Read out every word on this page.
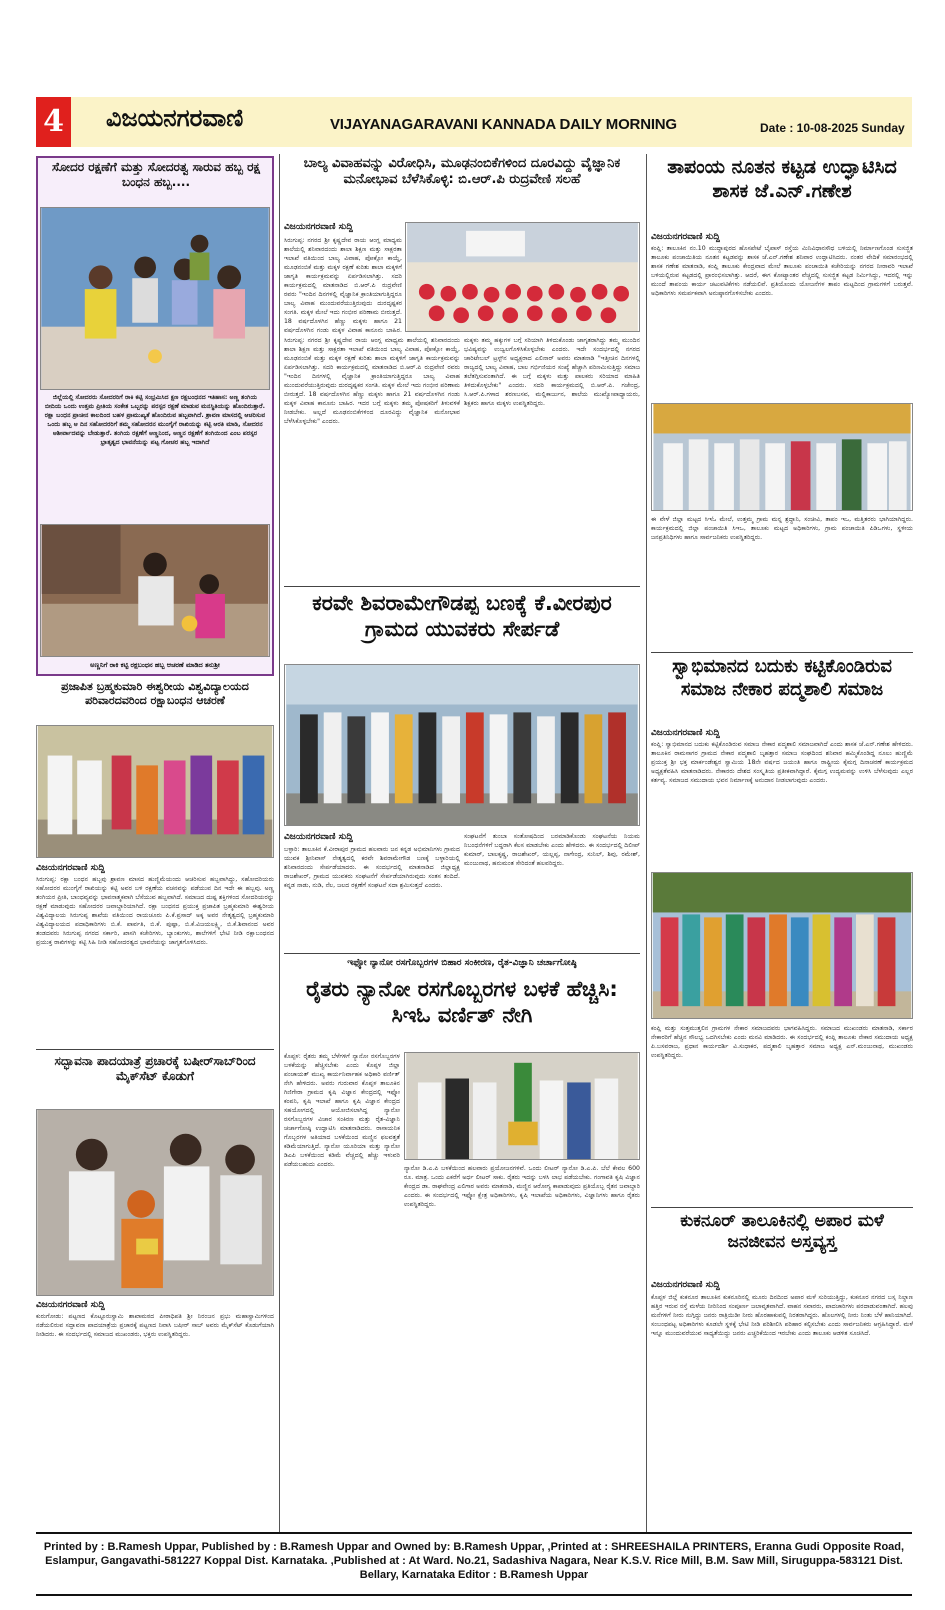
4 ವಿಜಯನಗರವಾಣಿ	VIJAYANAGARAVANI KANNADA DAILY MORNING	Date : 10-08-2025 Sunday
ಸೋದರ ರಕ್ಷಣೆಗೆ ಮತ್ತು ಸೋದರತ್ವ ಸಾರುವ ಹಬ್ಬ ರಕ್ಷ ಬಂಧನ ಹಬ್ಬ....
ಜಿಲ್ಲೆಯಲ್ಲಿ ಸೋದರರು ಸೋದರರಿಗೆ ರಾಕಿ ಕಟ್ಟಿ ಸಂಭ್ರಮಿಸಿದ ಕ್ಷಣ ರಕ್ಷಬಂಧನದ ಇತಿಹಾಸ: ಅಣ್ಣ ತಂಗಿಯ ಬೀದಿಯ ಒಂದು ಉತ್ತಮ ಪ್ರೀತಿಯ ಸಂಕೇತ ಒಬ್ಬರನ್ನು ಪರಸ್ಪರ ರಕ್ಷಣೆ ಮಾಡುವ ಮನಸ್ಥಿತಿಯನ್ನು ಹೊಂದಿರುತ್ತಾರೆ. ರಕ್ಷಾ ಬಂಧನ ಪ್ರಾಚೀನ ಕಾಲದಿಂದ ಬಹಳ ಪ್ರಾಮುಖ್ಯತೆ ಹೊಂದಿರುವ ಹಬ್ಬವಾಗಿದೆ. ಶ್ರಾವಣ ಮಾಸದಲ್ಲಿ ಆಚರಿಸುವ ಒಂದು ಹಬ್ಬ ಆ ದಿನ ಸಹೋದರರಿಗೆ ತಮ್ಮ ಸಹೋದರನ ಮುಂಗೈಗೆ ರಾಖಿಯನ್ನು ಕಟ್ಟಿ ಆರತಿ ಮಾಡಿ, ಸೋದರನ ಆಶೀರ್ವಾದವನ್ನು ಬೇಡುತ್ತಾರೆ. ತಂಗಿಯ ರಕ್ಷಣೆಗೆ ಆಣ್ಣನಿಂದ, ಅಣ್ಣನ ರಕ್ಷಣೆಗೆ ತಂಗಿಯಿಂದ ಎಂಬ ಪರಸ್ಪರ ಭ್ರಾತೃತ್ವದ ಭಾವನೆಯನ್ನು ಪಟ್ಟ ಗೋಚರ ಹಬ್ಬ ಇದಾಗಿದೆ
ಅಣ್ಣನಿಗೆ ರಾಕಿ ಕಟ್ಟಿ ರಕ್ಷಬಂಧನ ಹಬ್ಬ ಆಚರಣೆ ಮಾಡಿದ ತನುಶ್ರೀ
ಪ್ರಜಾಪಿತ ಬ್ರಹ್ಮಕುಮಾರಿ ಈಶ್ವರೀಯ ವಿಶ್ವವಿದ್ಯಾಲಯದ ಪರಿವಾರದವರಿಂದ ರಕ್ಷಾಬಂಧನ ಆಚರಣೆ
ವಿಜಯನಗರವಾಣಿ ಸುದ್ದಿ
ಸಿರುಗುಪ್ಪ: ರಕ್ಷಾ ಬಂಧನ ಹಬ್ಬವು ಶ್ರಾವಣ ಮಾಸದ ಹುಣ್ಣಿಮೆಯಂದು ಆಚರಿಸುವ ಹಬ್ಬವಾಗಿದ್ದು, ಸಹೋದರಿಯರು ಸಹೋದರರ ಮುಂಗೈಗೆ ರಾಖಿಯನ್ನು ಕಟ್ಟಿ ಅವರ ಬಳಿ ರಕ್ಷಣೆಯ ವಚನವನ್ನು ಪಡೆಯುವ ದಿನ ಇದೇ ಈ ಹಬ್ಬವು. ಅಣ್ಣ ತಂಗಿಯರ ಪ್ರೀತಿ, ಬಾಂಧವ್ಯವನ್ನು ಭಾವನಾತ್ಮಕವಾಗಿ ಬೆಸೆಯುವ ಹಬ್ಬವಾಗಿದೆ. ಸಮಾಜದ ದುಷ್ಟ ಶಕ್ತಿಗಳಿಂದ ಸೋದರಿಯರನ್ನು ರಕ್ಷಣೆ ಮಾಡುವುದು ಸಹೋದರರ ಜವಾಬ್ದಾರಿಯಾಗಿದೆ. ರಕ್ಷಾ ಬಂಧನದ ಪ್ರಯುಕ್ತ ಪ್ರಜಾಪಿತ ಬ್ರಹ್ಮಕುಮಾರಿ ಈಶ್ವರೀಯ ವಿಶ್ವವಿದ್ಯಾಲಯ ಸಿರುಗುಪ್ಪ ಶಾಖೆಯ ವತಿಯಿಂದ ರಾಯಚೂರು ಪಿ.ಕೆ.ಪ್ರಸಾದ್ ಅಕ್ಕ ಅವರ ನೇತೃತ್ವದಲ್ಲಿ ಬ್ರಹ್ಮಕುಮಾರಿ ವಿಶ್ವವಿದ್ಯಾಲಯದ ಪದಾಧಿಕಾರಿಗಳು ಬಿ.ಕೆ. ಪಾರ್ವತಿ, ಬಿ.ಕೆ. ಪುಷ್ಪಾ, ಬಿ.ಕೆ.ವಿಜಯಲಕ್ಷ್ಮಿ, ಬಿ.ಕೆ.ಶಿವಾನಂದ ಅವರ ತಂಡದವರು ಸಿರುಗುಪ್ಪ ನಗರದ ಸರ್ಕಾರಿ, ಖಾಸಗಿ ಕಚೇರಿಗಳು, ಬ್ಯಾಂಕುಗಳು, ಶಾಲೆಗಳಿಗೆ ಭೇಟಿ ನೀಡಿ ರಕ್ಷಾಬಂಧನದ ಪ್ರಯುಕ್ತ ರಾಖಿಗಳನ್ನು ಕಟ್ಟಿ ಸಿಹಿ ನೀಡಿ ಸಹೋದರತ್ವದ ಭಾವನೆಯನ್ನು ಜಾಗೃತಗೊಳಿಸಿದರು.
ಸದ್ಭಾವನಾ ಪಾದಯಾತ್ರೆ ಪ್ರಚಾರಕ್ಕೆ ಬಷೀರ್‌ಸಾಬ್‌ರಿಂದ ಮೈಕ್‌ಸೆಟ್ ಕೊಡುಗೆ
ವಿಜಯನಗರವಾಣಿ ಸುದ್ದಿ
ಕುರುಗೋಡು: ಪಟ್ಟಣದ ಕೊಟ್ಟೂರುಸ್ವಾಮಿ ಶಾಖಾಮಠದ ಪೀಠಾಧಿಪತಿ ಶ್ರೀ ನಿರಂಜನ ಪ್ರಭು ಮಹಾಸ್ವಾಮಿಗಳಿಂದ ನಡೆಯಲಿರುವ ಸದ್ಭಾವನಾ ಪಾದಯಾತ್ರೆಯ ಪ್ರಚಾರಕ್ಕೆ ಪಟ್ಟಣದ ನಿವಾಸಿ ಬಷೀರ್ ಸಾಬ್ ಅವರು ಮೈಕ್‌ಸೆಟ್ ಕೊಡುಗೆಯಾಗಿ ನೀಡಿದರು. ಈ ಸಂದರ್ಭದಲ್ಲಿ ಸಮಾಜದ ಮುಖಂಡರು, ಭಕ್ತರು ಉಪಸ್ಥಿತರಿದ್ದರು.
ಬಾಲ್ಯ ವಿವಾಹವನ್ನು ವಿರೋಧಿಸಿ, ಮೂಢನಂಬಿಕೆಗಳಿಂದ ದೂರವಿದ್ದು ವೈಜ್ಞಾನಿಕ ಮನೋಭಾವ ಬೆಳೆಸಿಕೊಳ್ಳಿ: ಬಿ.ಆರ್.ಪಿ ರುದ್ರವೇಣಿ ಸಲಹೆ
ವಿಜಯನಗರವಾಣಿ ಸುದ್ದಿ
ಸಿರುಗುಪ್ಪ: ನಗರದ ಶ್ರೀ ಕೃಷ್ಣದೇವ ರಾಯ ಆಂಗ್ಲ ಮಾಧ್ಯಮ ಶಾಲೆಯಲ್ಲಿ ಶನಿವಾರದಂದು ಶಾಲಾ ಶಿಕ್ಷಣ ಮತ್ತು ಸಾಕ್ಷರತಾ ಇಲಾಖೆ ವತಿಯಿಂದ ಬಾಲ್ಯ ವಿವಾಹ, ಪೋಕ್ಸೋ ಕಾಯ್ದೆ, ಮೂಢನಂಬಿಕೆ ಮತ್ತು ಮಕ್ಕಳ ರಕ್ಷಣೆ ಕುರಿತು ಶಾಲಾ ಮಕ್ಕಳಿಗೆ ಜಾಗೃತಿ ಕಾರ್ಯಕ್ರಮವನ್ನು ಏರ್ಪಡಿಸಲಾಗಿತ್ತು. ಸದರಿ ಕಾರ್ಯಕ್ರಮದಲ್ಲಿ ಮಾತನಾಡಿದ ಬಿ.ಆರ್.ಪಿ ರುದ್ರವೇಣಿ ರವರು "ಇಂದಿನ ದಿನಗಳಲ್ಲಿ ವೈಜ್ಞಾನಿಕ ಕ್ರಾಂತಿಯಾಗುತ್ತಿದ್ದರೂ ಬಾಲ್ಯ ವಿವಾಹ ಮುಂದುವರೆಯುತ್ತಿರುವುದು ದುರದೃಷ್ಟಕರ ಸಂಗತಿ. ಮಕ್ಕಳ ಮೇಲೆ ಇದು ಗಂಭೀರ ಪರಿಣಾಮ ಬೀರುತ್ತದೆ. 18 ವರ್ಷದೊಳಗಿನ ಹೆಣ್ಣು ಮಕ್ಕಳು ಹಾಗೂ 21 ವರ್ಷದೊಳಗಿನ ಗಂಡು ಮಕ್ಕಳ ವಿವಾಹ ಕಾನೂನು ಬಾಹಿರ.
ಸಿರುಗುಪ್ಪ: ನಗರದ ಶ್ರೀ ಕೃಷ್ಣದೇವ ರಾಯ ಆಂಗ್ಲ ಮಾಧ್ಯಮ ಶಾಲೆಯಲ್ಲಿ ಶನಿವಾರದಂದು ಶಾಲಾ ಶಿಕ್ಷಣ ಮತ್ತು ಸಾಕ್ಷರತಾ ಇಲಾಖೆ ವತಿಯಿಂದ ಬಾಲ್ಯ ವಿವಾಹ, ಪೋಕ್ಸೋ ಕಾಯ್ದೆ, ಮೂಢನಂಬಿಕೆ ಮತ್ತು ಮಕ್ಕಳ ರಕ್ಷಣೆ ಕುರಿತು ಶಾಲಾ ಮಕ್ಕಳಿಗೆ ಜಾಗೃತಿ ಕಾರ್ಯಕ್ರಮವನ್ನು ಏರ್ಪಡಿಸಲಾಗಿತ್ತು. ಸದರಿ ಕಾರ್ಯಕ್ರಮದಲ್ಲಿ ಮಾತನಾಡಿದ ಬಿ.ಆರ್.ಪಿ ರುದ್ರವೇಣಿ ರವರು "ಇಂದಿನ ದಿನಗಳಲ್ಲಿ ವೈಜ್ಞಾನಿಕ ಕ್ರಾಂತಿಯಾಗುತ್ತಿದ್ದರೂ ಬಾಲ್ಯ ವಿವಾಹ ಮುಂದುವರೆಯುತ್ತಿರುವುದು ದುರದೃಷ್ಟಕರ ಸಂಗತಿ. ಮಕ್ಕಳ ಮೇಲೆ ಇದು ಗಂಭೀರ ಪರಿಣಾಮ ಬೀರುತ್ತದೆ. 18 ವರ್ಷದೊಳಗಿನ ಹೆಣ್ಣು ಮಕ್ಕಳು ಹಾಗೂ 21 ವರ್ಷದೊಳಗಿನ ಗಂಡು ಮಕ್ಕಳ ವಿವಾಹ ಕಾನೂನು ಬಾಹಿರ. ಇದರ ಬಗ್ಗೆ ಮಕ್ಕಳು ತಮ್ಮ ಪೋಷಕರಿಗೆ ತಿಳುವಳಿಕೆ ನೀಡಬೇಕು. ಅಲ್ಲದೆ ಮೂಢನಂಬಿಕೆಗಳಿಂದ ದೂರವಿದ್ದು ವೈಜ್ಞಾನಿಕ ಮನೋಭಾವ ಬೆಳೆಸಿಕೊಳ್ಳಬೇಕು" ಎಂದರು.
ಮಕ್ಕಳು ತಮ್ಮ ಹಕ್ಕುಗಳ ಬಗ್ಗೆ ಸರಿಯಾಗಿ ತಿಳಿದುಕೊಂಡು ಜಾಗೃತರಾಗಿದ್ದು ತಮ್ಮ ಮುಂದಿನ ಭವಿಷ್ಯವನ್ನು ಉಜ್ವಲಗೊಳಿಸಿಕೊಳ್ಳಬೇಕು ಎಂದರು. ಇದೇ ಸಂದರ್ಭದಲ್ಲಿ ನಗರದ ಚಾರಿಟೇಬಲ್ ಟ್ರಸ್ಟ್‌ನ ಅಧ್ಯಕ್ಷರಾದ ಎಲಿನಾರ್ ಅವರು ಮಾತನಾಡಿ "ಇತ್ತೀಚಿನ ದಿನಗಳಲ್ಲಿ ರಾಜ್ಯದಲ್ಲಿ ಬಾಲ್ಯ ವಿವಾಹ, ಬಾಲ ಗರ್ಭಿಣಿಯರ ಸಂಖ್ಯೆ ಹೆಚ್ಚಾಗಿ ಪರಿಣಮಿಸುತ್ತಿದ್ದು ಸಮಾಜ ತಲೆತಗ್ಗಿಸುವಂತಾಗಿದೆ. ಈ ಬಗ್ಗೆ ಮಕ್ಕಳು ಮತ್ತು ಪಾಲಕರು ಸರಿಯಾದ ಮಾಹಿತಿ ತಿಳಿದುಕೊಳ್ಳಬೇಕು" ಎಂದರು. ಸದರಿ ಕಾರ್ಯಕ್ರಮದಲ್ಲಿ ಬಿ.ಆರ್.ಪಿ. ಗಜೇಂದ್ರ, ಸಿ.ಆರ್.ಪಿ.ಗಳಾದ ಶರಣಬಸವ, ಮಲ್ಲಿಕಾರ್ಜುನ, ಶಾಲೆಯ ಮುಖ್ಯೋಪಾಧ್ಯಾಯರು, ಶಿಕ್ಷಕರು ಹಾಗೂ ಮಕ್ಕಳು ಉಪಸ್ಥಿತರಿದ್ದರು.
ಕರವೇ ಶಿವರಾಮೇಗೌಡಪ್ಪ ಬಣಕ್ಕೆ ಕೆ.ವೀರಪುರ ಗ್ರಾಮದ ಯುವಕರು ಸೇರ್ಪಡೆ
ವಿಜಯನಗರವಾಣಿ ಸುದ್ದಿ
ಬಳ್ಳಾರಿ: ತಾಲೂಕಿನ ಕೆ.ವೀರಾಪುರ ಗ್ರಾಮದ ಹಲವಾರು ಜನ ಕನ್ನಡ ಅಭಿಮಾನಿಗಳು ಗ್ರಾಮದ ಯುವಕ ಶ್ರೀನಿವಾಸ್ ನೇತೃತ್ವದಲ್ಲಿ ಕರವೇ ಶಿವರಾಮೇಗೌಡ ಬಣಕ್ಕೆ ಬಳ್ಳಾರಿಯಲ್ಲಿ ಶನಿವಾರದಂದು ಸೇರ್ಪಡೆಯಾದರು. ಈ ಸಂದರ್ಭದಲ್ಲಿ ಮಾತನಾಡಿದ ಜಿಲ್ಲಾಧ್ಯಕ್ಷ ರಾಜಶೇಖರ್, ಗ್ರಾಮದ ಯುವಕರು ಸಂಘಟನೆಗೆ ಸೇರ್ಪಡೆಯಾಗಿರುವುದು ಸಂತಸ ತಂದಿದೆ. ಕನ್ನಡ ನಾಡು, ನುಡಿ, ನೆಲ, ಜಲದ ರಕ್ಷಣೆಗೆ ಸಂಘಟನೆ ಸದಾ ಶ್ರಮಿಸುತ್ತದೆ ಎಂದರು.
ಸಂಘಟನೆಗೆ ತುಂಬಾ ಸಂತೋಷದಿಂದ ಬರಮಾಡಿಕೊಂಡು ಸಂಘಟನೆಯ ನಿಯಮ ನಿಬಂಧನೆಗಳಿಗೆ ಬದ್ಧರಾಗಿ ಕೆಲಸ ಮಾಡಬೇಕು ಎಂದು ಹೇಳಿದರು. ಈ ಸಂದರ್ಭದಲ್ಲಿ ದಿಲೀಪ್ ಕುಮಾರ್, ಬಾಲಕೃಷ್ಣ, ರಾಜಶೇಖರ್, ಯಲ್ಲಪ್ಪ, ನಾಗೇಂದ್ರ, ಸುನಿಲ್, ಶಿವು, ರಮೇಶ್, ಮಂಜುನಾಥ, ಹನುಮಂತ ಸೇರಿದಂತೆ ಹಲವರಿದ್ದರು.
ಇಫ್ಕೋ ನ್ಯಾನೋ ರಸಗೊಬ್ಬರಗಳ ಬಿಹಾರ ಸಂಕೀರಣ, ರೈತ-ವಿಜ್ಞಾನಿ ಚರ್ಚಾಗೋಷ್ಠಿ
ರೈತರು ನ್ಯಾನೋ ರಸಗೊಬ್ಬರಗಳ ಬಳಕೆ ಹೆಚ್ಚಿಸಿ: ಸಿಇಓ ವರ್ಣಿತ್ ನೇಗಿ
ಕೊಪ್ಪಳ: ರೈತರು ತಮ್ಮ ಬೆಳೆಗಳಿಗೆ ನ್ಯಾನೋ ರಸಗೊಬ್ಬರಗಳ ಬಳಕೆಯನ್ನು ಹೆಚ್ಚಿಸಬೇಕು ಎಂದು ಕೊಪ್ಪಳ ಜಿಲ್ಲಾ ಪಂಚಾಯತ್ ಮುಖ್ಯ ಕಾರ್ಯನಿರ್ವಾಹಕ ಅಧಿಕಾರಿ ವರ್ಣಿತ್ ನೇಗಿ ಹೇಳಿದರು. ಅವರು ಗುರುವಾರ ಕೊಪ್ಪಳ ತಾಲೂಕಿನ ಗಿಣಿಗೇರಾ ಗ್ರಾಮದ ಕೃಷಿ ವಿಜ್ಞಾನ ಕೇಂದ್ರದಲ್ಲಿ ಇಫ್ಕೋ ಕಂಪನಿ, ಕೃಷಿ ಇಲಾಖೆ ಹಾಗೂ ಕೃಷಿ ವಿಜ್ಞಾನ ಕೇಂದ್ರದ ಸಹಯೋಗದಲ್ಲಿ ಆಯೋಜಿಸಲಾಗಿದ್ದ ನ್ಯಾನೋ ರಸಗೊಬ್ಬರಗಳ ವಿಚಾರ ಸಂಕಿರಣ ಮತ್ತು ರೈತ-ವಿಜ್ಞಾನಿ ಚರ್ಚಾಗೋಷ್ಠಿ ಉದ್ಘಾಟಿಸಿ ಮಾತನಾಡಿದರು. ರಾಸಾಯನಿಕ ಗೊಬ್ಬರಗಳ ಅತಿಯಾದ ಬಳಕೆಯಿಂದ ಮಣ್ಣಿನ ಫಲವತ್ತತೆ ಕಡಿಮೆಯಾಗುತ್ತಿದೆ. ನ್ಯಾನೋ ಯೂರಿಯಾ ಮತ್ತು ನ್ಯಾನೋ ಡಿಎಪಿ ಬಳಕೆಯಿಂದ ಕಡಿಮೆ ವೆಚ್ಚದಲ್ಲಿ ಹೆಚ್ಚು ಇಳುವರಿ ಪಡೆಯಬಹುದು ಎಂದರು.
ನ್ಯಾನೋ ಡಿ.ಎ.ಪಿ ಬಳಕೆಯಿಂದ ಹಲವಾರು ಪ್ರಯೋಜನಗಳಿವೆ. ಒಂದು ಲೀಟರ್ ನ್ಯಾನೋ ಡಿ.ಎ.ಪಿ. ಬೆಲೆ ಕೇವಲ 600 ರೂ. ಮಾತ್ರ. ಒಂದು ಎಕರೆಗೆ ಅರ್ಧ ಲೀಟರ್ ಸಾಕು. ರೈತರು ಇದನ್ನು ಬಳಸಿ ಲಾಭ ಪಡೆಯಬೇಕು. ಗಂಗಾವತಿ ಕೃಷಿ ವಿಜ್ಞಾನ ಕೇಂದ್ರದ ಡಾ. ರಾಘವೇಂದ್ರ ಎಲಿಗಾರ ಅವರು ಮಾತನಾಡಿ, ಮಣ್ಣಿನ ಆರೋಗ್ಯ ಕಾಪಾಡುವುದು ಪ್ರತಿಯೊಬ್ಬ ರೈತನ ಜವಾಬ್ದಾರಿ ಎಂದರು. ಈ ಸಂದರ್ಭದಲ್ಲಿ ಇಫ್ಕೋ ಕ್ಷೇತ್ರ ಅಧಿಕಾರಿಗಳು, ಕೃಷಿ ಇಲಾಖೆಯ ಅಧಿಕಾರಿಗಳು, ವಿಜ್ಞಾನಿಗಳು ಹಾಗೂ ರೈತರು ಉಪಸ್ಥಿತರಿದ್ದರು.
ತಾಪಂಯ ನೂತನ ಕಟ್ಟಡ ಉದ್ಘಾಟಿಸಿದ ಶಾಸಕ ಜೆ.ಎನ್.ಗಣೇಶ
ವಿಜಯನಗರವಾಣಿ ಸುದ್ದಿ
ಕಂಪ್ಲಿ: ತಾಲೂಕಿನ ನಂ.10 ಮುದ್ದಾಪುರದ ಹೊಸಪೇಟೆ ಬೈಪಾಸ್ ರಸ್ತೆಯ ಮಿನಿವಿಧಾನಸೌಧ ಬಳಿಯಲ್ಲಿ ನಿರ್ಮಾಣಗೊಂಡ ಸುಸಜ್ಜಿತ ತಾಲೂಕು ಪಂಚಾಯಿತಿಯ ನೂತನ ಕಟ್ಟಡವನ್ನು ಶಾಸಕ ಜೆ.ಎನ್.ಗಣೇಶ ಶನಿವಾರ ಉದ್ಘಾಟಿಸಿದರು. ನಂತರ ವೇದಿಕೆ ಸಮಾರಂಭದಲ್ಲಿ ಶಾಸಕ ಗಣೇಶ ಮಾತನಾಡಿ, ಕಂಪ್ಲಿ ತಾಲೂಕು ಕೇಂದ್ರವಾದ ಮೇಲೆ ತಾಲೂಕು ಪಂಚಾಯಿತಿ ಕಚೇರಿಯನ್ನು ನಗರದ ನೀರಾವರಿ ಇಲಾಖೆ ಬಳಿಯಲ್ಲಿರುವ ಕಟ್ಟಡದಲ್ಲಿ ಪ್ರಾರಂಭಿಸಲಾಗಿತ್ತು. ಆದರೆ, ಈಗ ಕೋಟ್ಯಾಂತರ ವೆಚ್ಚದಲ್ಲಿ ಸುಸಜ್ಜಿತ ಕಟ್ಟಡ ನಿರ್ಮಿಸಿದ್ದು, ಇದರಲ್ಲಿ ಇನ್ನು ಮುಂದೆ ತಾಪಂಯ ಕಾರ್ಯ ಚಟುವಟಿಕೆಗಳು ನಡೆಯಲಿವೆ. ಪ್ರತಿಯೊಂದು ಯೋಜನೆಗಳ ತಾಪಂ ಮಟ್ಟದಿಂದ ಗ್ರಾಮಗಳಿಗೆ ಬರುತ್ತವೆ. ಅಧಿಕಾರಿಗಳು ಸಮರ್ಪಕವಾಗಿ ಅನುಷ್ಠಾನಗೊಳಿಸಬೇಕು ಎಂದರು.
ಈ ವೇಳೆ ಜಿಲ್ಲಾ ಮಟ್ಟದ ಸಿಇಓ ಮೇಲೆ, ಉತ್ತಮ್ಮ ಗ್ರಾಮ ಮನ್ನ ಶ್ರದ್ಧಾನಿ, ಸಂಚೀವಿ, ತಾಪಂ ಇಒ, ಮತ್ತಿತರರು ಭಾಗಿಯಾಗಿದ್ದರು. ಕಾರ್ಯಕ್ರಮದಲ್ಲಿ ಜಿಲ್ಲಾ ಪಂಚಾಯಿತಿ ಸಿಇಒ, ತಾಲೂಕು ಮಟ್ಟದ ಅಧಿಕಾರಿಗಳು, ಗ್ರಾಮ ಪಂಚಾಯಿತಿ ಪಿಡಿಒಗಳು, ಸ್ಥಳೀಯ ಜನಪ್ರತಿನಿಧಿಗಳು ಹಾಗೂ ಸಾರ್ವಜನಿಕರು ಉಪಸ್ಥಿತರಿದ್ದರು.
ಸ್ವಾಭಿಮಾನದ ಬದುಕು ಕಟ್ಟಿಕೊಂಡಿರುವ ಸಮಾಜ ನೇಕಾರ ಪದ್ಮಶಾಲಿ ಸಮಾಜ
ವಿಜಯನಗರವಾಣಿ ಸುದ್ದಿ
ಕಂಪ್ಲಿ: ಸ್ವಾಭಿಮಾನದ ಬದುಕು ಕಟ್ಟಿಕೊಂಡಿರುವ ಸಮಾಜ ನೇಕಾರ ಪದ್ಮಶಾಲಿ ಸಮಾಜವಾಗಿದೆ ಎಂದು ಶಾಸಕ ಜೆ.ಎನ್.ಗಣೇಶ ಹೇಳಿದರು. ತಾಲೂಕಿನ ರಾಮಸಾಗರ ಗ್ರಾಮದ ನೇಕಾರ ಪದ್ಮಶಾಲಿ ಬೃಹತ್ತಾರ ಸಮಾಜ ಸಂಘದಿಂದ ಶನಿವಾರ ಹಮ್ಮಿಕೊಂಡಿದ್ದ ನೂಲು ಹುಣ್ಣಿಮೆ ಪ್ರಯುಕ್ತ ಶ್ರೀ ಭಕ್ತ ಮಾರ್ಕಂಡೇಶ್ವರ ಸ್ವಾಮಿಯ 18ನೇ ವರ್ಷದ ಜಯಂತಿ ಹಾಗೂ ರಾಷ್ಟ್ರೀಯ ಕೈಮಗ್ಗ ದಿನಾಚರಣೆ ಕಾರ್ಯಕ್ರಮದ ಅಧ್ಯಕ್ಷತೆವಹಿಸಿ ಮಾತನಾಡಿದರು. ನೇಕಾರರು ದೇಶದ ಸಂಸ್ಕೃತಿಯ ಪ್ರತೀಕವಾಗಿದ್ದಾರೆ. ಕೈಮಗ್ಗ ಉದ್ಯಮವನ್ನು ಉಳಿಸಿ ಬೆಳೆಸುವುದು ಎಲ್ಲರ ಕರ್ತವ್ಯ. ಸಮಾಜದ ಸಮುದಾಯ ಭವನ ನಿರ್ಮಾಣಕ್ಕೆ ಅನುದಾನ ನೀಡಲಾಗುವುದು ಎಂದರು.
ಕಂಪ್ಲಿ ಮತ್ತು ಸುತ್ತಮುತ್ತಲಿನ ಗ್ರಾಮಗಳ ನೇಕಾರ ಸಮಾಜದವರು ಭಾಗವಹಿಸಿದ್ದರು. ಸಮಾಜದ ಮುಖಂಡರು ಮಾತನಾಡಿ, ಸರ್ಕಾರ ನೇಕಾರರಿಗೆ ಹೆಚ್ಚಿನ ಸೌಲಭ್ಯ ಒದಗಿಸಬೇಕು ಎಂದು ಮನವಿ ಮಾಡಿದರು. ಈ ಸಂದರ್ಭದಲ್ಲಿ ಕಂಪ್ಲಿ ತಾಲೂಕು ನೇಕಾರ ಸಮುದಾಯ ಅಧ್ಯಕ್ಷ ಪಿ.ಬಸವರಾಜ, ಪ್ರಧಾನ ಕಾರ್ಯದರ್ಶಿ ವಿ.ಸುಧಾಕರ, ಪದ್ಮಶಾಲಿ ಬೃಹತ್ತಾರ ಸಮಾಜ ಅಧ್ಯಕ್ಷ ಎನ್.ಮಂಜುನಾಥ, ಮುಖಂಡರು ಉಪಸ್ಥಿತರಿದ್ದರು.
ಕುಕನೂರ್ ತಾಲೂಕಿನಲ್ಲಿ ಅಪಾರ ಮಳೆ ಜನಜೀವನ ಅಸ್ತವ್ಯಸ್ತ
ವಿಜಯನಗರವಾಣಿ ಸುದ್ದಿ
ಕೊಪ್ಪಳ ಜಿಲ್ಲೆ ಕುಕನೂರ ತಾಲೂಕಿನ ಕುಕನೂರಿನಲ್ಲಿ ಮೂರು ದಿನದಿಂದ ಅಪಾರ ಮಳೆ ಸುರಿಯುತ್ತಿದ್ದು, ಕುಕನೂರ ನಗರದ ಬಸ್ಸ ನಿಲ್ದಾಣ ಹತ್ತಿರ ಇರುವ ರಸ್ತೆ ಮಳೆಯ ನೀರಿನಿಂದ ಸಂಪೂರ್ಣ ಜಲಾವೃತವಾಗಿದೆ. ವಾಹನ ಸವಾರರು, ಪಾದಚಾರಿಗಳು ಪರದಾಡುವಂತಾಗಿದೆ. ಹಲವು ಮನೆಗಳಿಗೆ ನೀರು ನುಗ್ಗಿದ್ದು ಜನರು ರಾತ್ರಿಯಿಡೀ ನೀರು ಹೊರಹಾಕುವಲ್ಲಿ ನಿರತರಾಗಿದ್ದರು. ಹೊಲಗಳಲ್ಲಿ ನೀರು ನಿಂತು ಬೆಳೆ ಹಾನಿಯಾಗಿದೆ. ಸಂಬಂಧಪಟ್ಟ ಅಧಿಕಾರಿಗಳು ಕೂಡಲೇ ಸ್ಥಳಕ್ಕೆ ಭೇಟಿ ನೀಡಿ ಪರಿಶೀಲಿಸಿ ಪರಿಹಾರ ಕಲ್ಪಿಸಬೇಕು ಎಂದು ಸಾರ್ವಜನಿಕರು ಆಗ್ರಹಿಸಿದ್ದಾರೆ. ಮಳೆ ಇನ್ನೂ ಮುಂದುವರೆಯುವ ಸಾಧ್ಯತೆಯಿದ್ದು ಜನರು ಎಚ್ಚರಿಕೆಯಿಂದ ಇರಬೇಕು ಎಂದು ತಾಲೂಕು ಆಡಳಿತ ಸೂಚಿಸಿದೆ.
Printed by : B.Ramesh Uppar, Published by : B.Ramesh Uppar and Owned by: B.Ramesh Uppar, ,Printed at : SHREESHAILA PRINTERS, Eranna Gudi Opposite Road,
Eslampur, Gangavathi-581227 Koppal Dist. Karnataka. ,Published at : At Ward. No.21, Sadashiva Nagara, Near K.S.V. Rice Mill, B.M. Saw Mill, Siruguppa-583121 Dist.
Bellary, Karnataka Editor : B.Ramesh Uppar
